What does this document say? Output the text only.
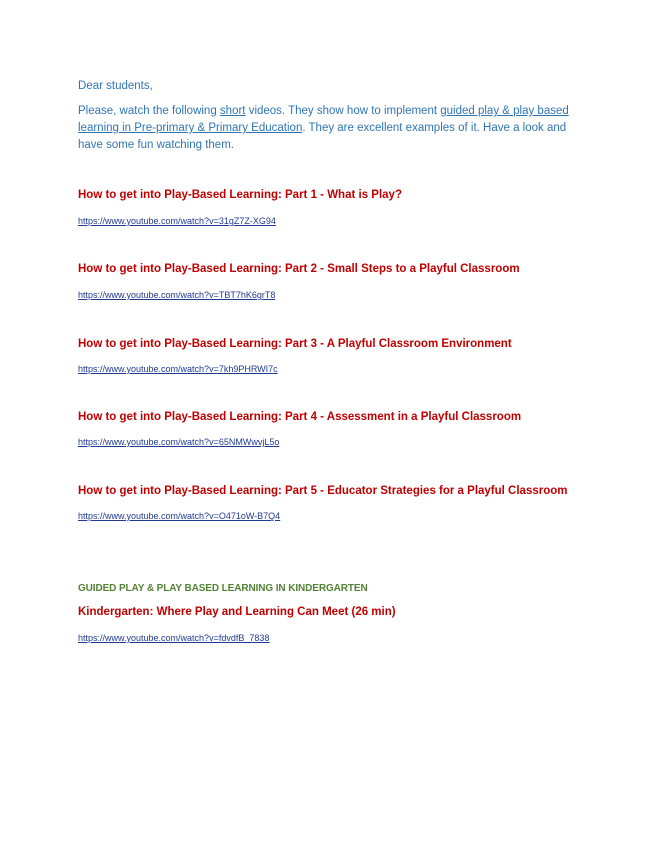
Dear students,
Please, watch the following short videos. They show how to implement guided play & play based learning in Pre-primary & Primary Education. They are excellent examples of it. Have a look and have some fun watching them.
How to get into Play-Based Learning: Part 1 - What is Play?
https://www.youtube.com/watch?v=31gZ7Z-XG94
How to get into Play-Based Learning: Part 2 - Small Steps to a Playful Classroom
https://www.youtube.com/watch?v=TBT7hK6grT8
How to get into Play-Based Learning: Part 3 - A Playful Classroom Environment
https://www.youtube.com/watch?v=7kh9PHRWI7c
How to get into Play-Based Learning: Part 4 - Assessment in a Playful Classroom
https://www.youtube.com/watch?v=65NMWwvjL5o
How to get into Play-Based Learning: Part 5 - Educator Strategies for a Playful Classroom
https://www.youtube.com/watch?v=O471oW-B7Q4
GUIDED PLAY & PLAY BASED LEARNING IN KINDERGARTEN
Kindergarten: Where Play and Learning Can Meet (26 min)
https://www.youtube.com/watch?v=fdvdfB_7838
